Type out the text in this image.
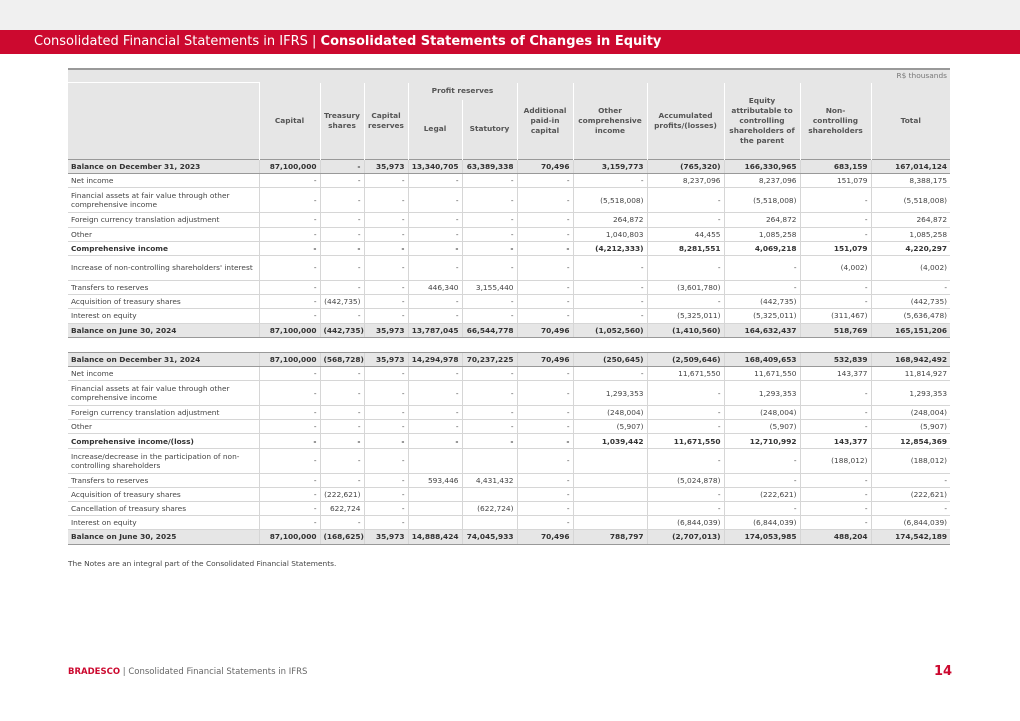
Consolidated Financial Statements in IFRS | Consolidated Statements of Changes in Equity
	R$ thousands										
	Capital	Treasury shares	Capital reserves	Profit reserves		Additional paid-in capital	Other comprehensive income	Accumulated profits/(losses)	Equity attributable to controlling shareholders of the parent	Non-controlling shareholders	Total
				Legal	Statutory						
Balance on December 31, 2023	87,100,000	-	35,973	13,340,705	63,389,338	70,496	3,159,773	(765,320)	166,330,965	683,159	167,014,124
Net income	-	-	-	-	-	-	-	8,237,096	8,237,096	151,079	8,388,175
Financial assets at fair value through other comprehensive income	-	-	-	-	-	-	(5,518,008)	-	(5,518,008)	-	(5,518,008)
Foreign currency translation adjustment	-	-	-	-	-	-	264,872	-	264,872	-	264,872
Other	-	-	-	-	-	-	1,040,803	44,455	1,085,258	-	1,085,258
Comprehensive income	-	-	-	-	-	-	(4,212,333)	8,281,551	4,069,218	151,079	4,220,297
Increase of non-controlling shareholders' interest	-	-	-	-	-	-	-	-	-	(4,002)	(4,002)
Transfers to reserves	-	-	-	446,340	3,155,440	-	-	(3,601,780)	-	-	-
Acquisition of treasury shares	-	(442,735)	-	-	-	-	-	-	(442,735)	-	(442,735)
Interest on equity	-	-	-	-	-	-	-	(5,325,011)	(5,325,011)	(311,467)	(5,636,478)
Balance on June 30, 2024	87,100,000	(442,735)	35,973	13,787,045	66,544,778	70,496	(1,052,560)	(1,410,560)	164,632,437	518,769	165,151,206

Balance on December 31, 2024	87,100,000	(568,728)	35,973	14,294,978	70,237,225	70,496	(250,645)	(2,509,646)	168,409,653	532,839	168,942,492
Net income	-	-	-	-	-	-	-	11,671,550	11,671,550	143,377	11,814,927
Financial assets at fair value through other comprehensive income	-	-	-	-	-	-	1,293,353	-	1,293,353	-	1,293,353
Foreign currency translation adjustment	-	-	-	-	-	-	(248,004)	-	(248,004)	-	(248,004)
Other	-	-	-	-	-	-	(5,907)	-	(5,907)	-	(5,907)
Comprehensive income/(loss)	-	-	-	-	-	-	1,039,442	11,671,550	12,710,992	143,377	12,854,369
Increase/decrease in the participation of non-controlling shareholders	-	-	-			-		-	-	(188,012)	(188,012)
Transfers to reserves	-	-	-	593,446	4,431,432	-		(5,024,878)	-	-	-
Acquisition of treasury shares	-	(222,621)	-			-		-	(222,621)	-	(222,621)
Cancellation of treasury shares	-	622,724	-		(622,724)	-		-	-	-	-
Interest on equity	-	-	-			-		(6,844,039)	(6,844,039)	-	(6,844,039)
Balance on June 30, 2025	87,100,000	(168,625)	35,973	14,888,424	74,045,933	70,496	788,797	(2,707,013)	174,053,985	488,204	174,542,189
The Notes are an integral part of the Consolidated Financial Statements.
BRADESCO | Consolidated Financial Statements in IFRS	14
